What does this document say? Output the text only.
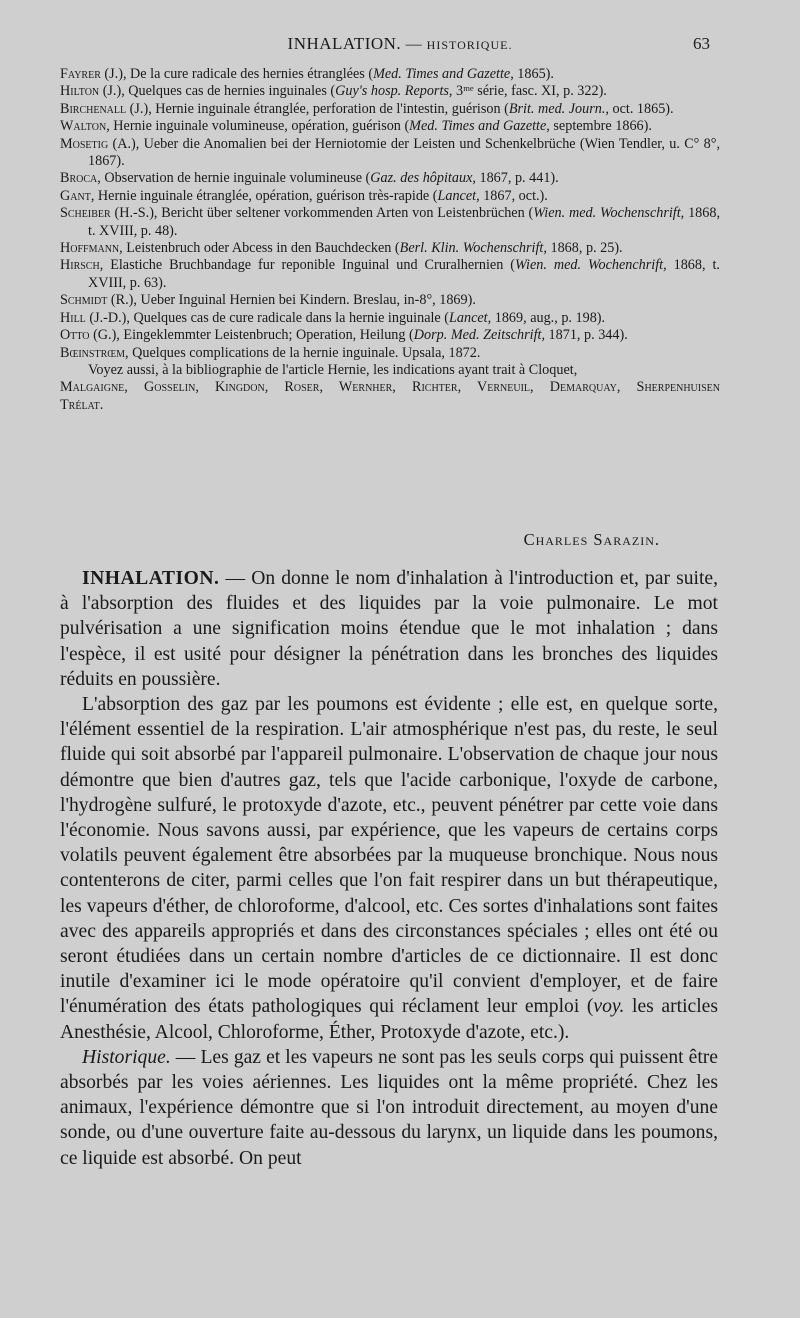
INHALATION. — HISTORIQUE.	63
Fayrer (J.), De la cure radicale des hernies étranglées (Med. Times and Gazette, 1865).
Hilton (J.), Quelques cas de hernies inguinales (Guy's hosp. Reports, 3ᵐᵉ série, fasc. XI, p. 322).
Birchenall (J.), Hernie inguinale étranglée, perforation de l'intestin, guérison (Brit. med. Journ., oct. 1865).
Walton, Hernie inguinale volumineuse, opération, guérison (Med. Times and Gazette, septembre 1866).
Mosetig (A.), Ueber die Anomalien bei der Herniotomie der Leisten und Schenkelbrüche (Wien Tendler, u. C° 8°, 1867).
Broca, Observation de hernie inguinale volumineuse (Gaz. des hôpitaux, 1867, p. 441).
Gant, Hernie inguinale étranglée, opération, guérison très-rapide (Lancet, 1867, oct.).
Scheiber (H.-S.), Bericht über seltener vorkommenden Arten von Leistenbrüchen (Wien. med. Wochenschrift, 1868, t. XVIII, p. 48).
Hoffmann, Leistenbruch oder Abcess in den Bauchdecken (Berl. Klin. Wochenschrift, 1868, p. 25).
Hirsch, Elastiche Bruchbandage fur reponible Inguinal und Cruralhernien (Wien. med. Wochenchrift, 1868, t. XVIII, p. 63).
Schmidt (R.), Ueber Inguinal Hernien bei Kindern. Breslau, in-8°, 1869).
Hill (J.-D.), Quelques cas de cure radicale dans la hernie inguinale (Lancet, 1869, aug., p. 198).
Otto (G.), Eingeklemmter Leistenbruch; Operation, Heilung (Dorp. Med. Zeitschrift, 1871, p. 344).
Bœinstrœm, Quelques complications de la hernie inguinale. Upsala, 1872.
Voyez aussi, à la bibliographie de l'article Hernie, les indications ayant trait à Cloquet,
Malgaigne, Gosselin, Kingdon, Roser, Wernher, Richter, Verneuil, Demarquay, Sherpenhuisen
Trélat.
Charles Sarazin.

INHALATION. — On donne le nom d'inhalation à l'introduction et, par suite, à l'absorption des fluides et des liquides par la voie pulmonaire. Le mot pulvérisation a une signification moins étendue que le mot inhalation ; dans l'espèce, il est usité pour désigner la pénétration dans les bronches des liquides réduits en poussière.

L'absorption des gaz par les poumons est évidente ; elle est, en quelque sorte, l'élément essentiel de la respiration. L'air atmosphérique n'est pas, du reste, le seul fluide qui soit absorbé par l'appareil pulmonaire. L'observation de chaque jour nous démontre que bien d'autres gaz, tels que l'acide carbonique, l'oxyde de carbone, l'hydrogène sulfuré, le protoxyde d'azote, etc., peuvent pénétrer par cette voie dans l'économie. Nous savons aussi, par expérience, que les vapeurs de certains corps volatils peuvent également être absorbées par la muqueuse bronchique. Nous nous contenterons de citer, parmi celles que l'on fait respirer dans un but thérapeutique, les vapeurs d'éther, de chloroforme, d'alcool, etc. Ces sortes d'inhalations sont faites avec des appareils appropriés et dans des circonstances spéciales ; elles ont été ou seront étudiées dans un certain nombre d'articles de ce dictionnaire. Il est donc inutile d'examiner ici le mode opératoire qu'il convient d'employer, et de faire l'énumération des états pathologiques qui réclament leur emploi (voy. les articles Anesthésie, Alcool, Chloroforme, Éther, Protoxyde d'azote, etc.).

Historique. — Les gaz et les vapeurs ne sont pas les seuls corps qui puissent être absorbés par les voies aériennes. Les liquides ont la même propriété. Chez les animaux, l'expérience démontre que si l'on introduit directement, au moyen d'une sonde, ou d'une ouverture faite au-dessous du larynx, un liquide dans les poumons, ce liquide est absorbé. On peut
